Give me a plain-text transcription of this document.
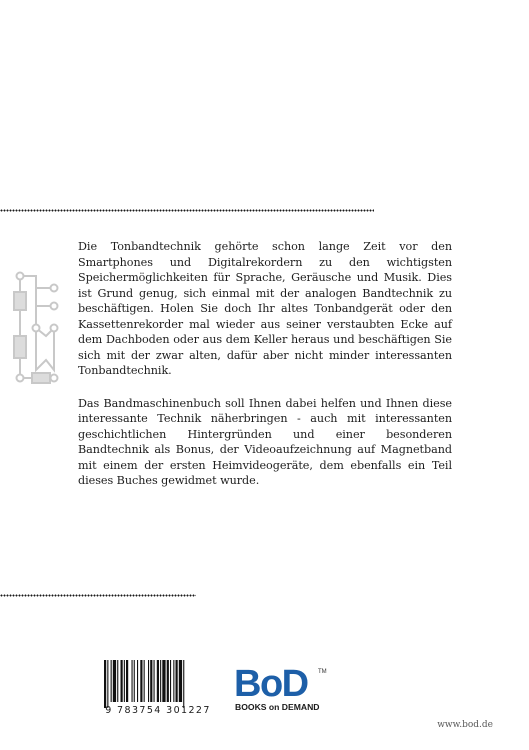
Die Tonbandtechnik gehörte schon lange Zeit vor den Smartphones und Digitalrekordern zu den wichtigsten Speichermöglichkeiten für Sprache, Geräusche und Musik. Dies ist Grund genug, sich einmal mit der analogen Bandtechnik zu beschäftigen. Holen Sie doch Ihr altes Tonbandgerät oder den Kassettenrekorder mal wieder aus seiner verstaubten Ecke auf dem Dachboden oder aus dem Keller heraus und beschäftigen Sie sich mit der zwar alten, dafür aber nicht minder interessanten Tonbandtechnik.

Das Bandmaschinenbuch soll Ihnen dabei helfen und Ihnen diese interessante Technik näherbringen - auch mit interessanten geschichtlichen Hintergründen und einer besonderen Bandtechnik als Bonus, der Videoaufzeichnung auf Magnetband mit einem der ersten Heimvideogeräte, dem ebenfalls ein Teil dieses Buches gewidmet wurde.

9 783754 301227
BoD TM
BOOKS on DEMAND
www.bod.de
